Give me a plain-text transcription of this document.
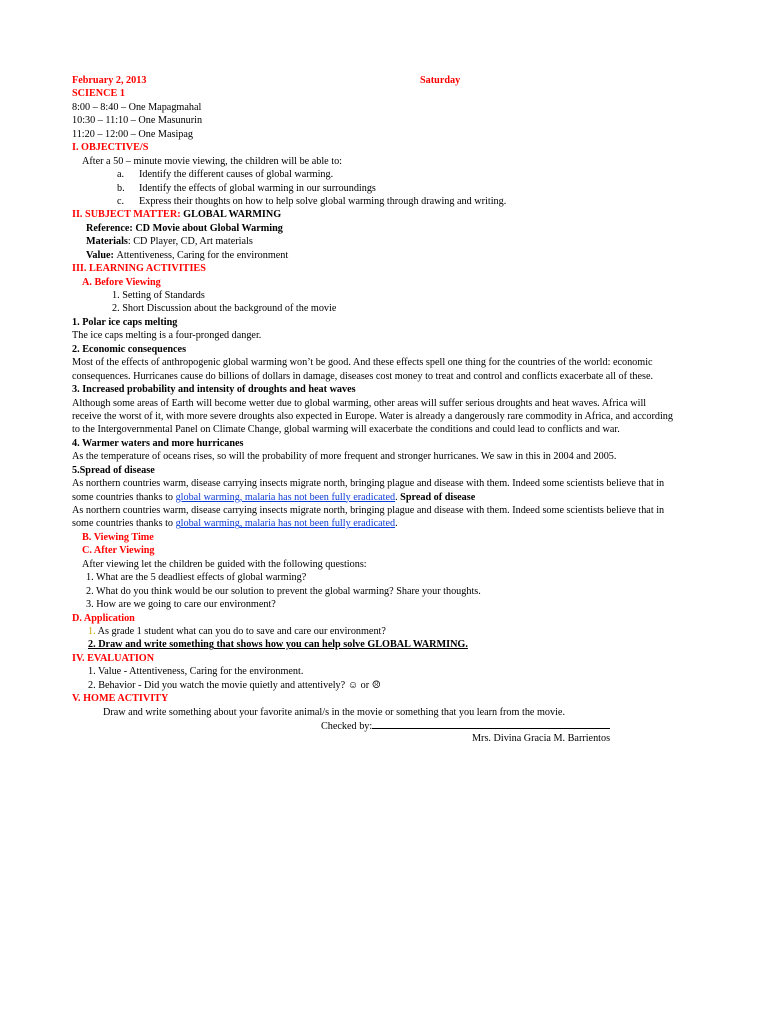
February 2, 2013	Saturday
SCIENCE 1
8:00 – 8:40 – One Mapagmahal
10:30 – 11:10 – One Masunurin
11:20 – 12:00 – One Masipag
I. OBJECTIVE/S
After a 50 – minute movie viewing, the children will be able to:
a. Identify the different causes of global warming.
b. Identify the effects of global warming in our surroundings
c. Express their thoughts on how to help solve global warming through drawing and writing.
II. SUBJECT MATTER: GLOBAL WARMING
Reference: CD Movie about Global Warming
Materials: CD Player, CD, Art materials
Value: Attentiveness, Caring for the environment
III. LEARNING ACTIVITIES
A. Before Viewing
1. Setting of Standards
2. Short Discussion about the background of the movie
1. Polar ice caps melting
The ice caps melting is a four-pronged danger.
2. Economic consequences
Most of the effects of anthropogenic global warming won’t be good. And these effects spell one thing for the countries of the world: economic
consequences. Hurricanes cause do billions of dollars in damage, diseases cost money to treat and control and conflicts exacerbate all of these.
3. Increased probability and intensity of droughts and heat waves
Although some areas of Earth will become wetter due to global warming, other areas will suffer serious droughts and heat waves. Africa will
receive the worst of it, with more severe droughts also expected in Europe. Water is already a dangerously rare commodity in Africa, and according
to the Intergovernmental Panel on Climate Change, global warming will exacerbate the conditions and could lead to conflicts and war.
4. Warmer waters and more hurricanes
As the temperature of oceans rises, so will the probability of more frequent and stronger hurricanes. We saw in this in 2004 and 2005.
5.Spread of disease
As northern countries warm, disease carrying insects migrate north, bringing plague and disease with them. Indeed some scientists believe that in
some countries thanks to global warming, malaria has not been fully eradicated. Spread of disease
As northern countries warm, disease carrying insects migrate north, bringing plague and disease with them. Indeed some scientists believe that in
some countries thanks to global warming, malaria has not been fully eradicated.
B. Viewing Time
C. After Viewing
After viewing let the children be guided with the following questions:
1. What are the 5 deadliest effects of global warming?
2. What do you think would be our solution to prevent the global warming? Share your thoughts.
3. How are we going to care our environment?
D. Application
1. As grade 1 student what can you do to save and care our environment?
2. Draw and write something that shows how you can help solve GLOBAL WARMING.
IV. EVALUATION
1. Value - Attentiveness, Caring for the environment.
2. Behavior - Did you watch the movie quietly and attentively? ☺ or ☹
V. HOME ACTIVITY
Draw and write something about your favorite animal/s in the movie or something that you learn from the movie.
Checked by:
Mrs. Divina Gracia M. Barrientos
